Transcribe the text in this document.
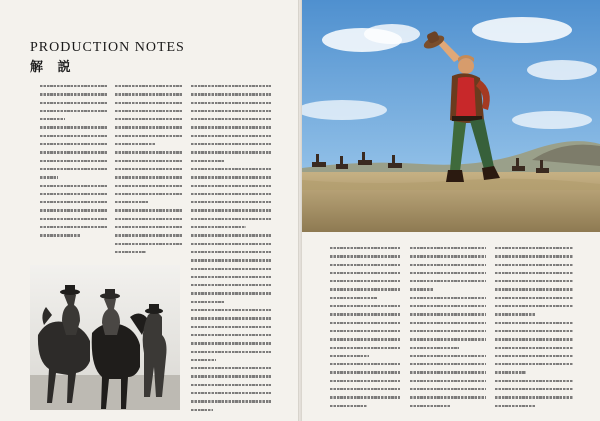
PRODUCTION NOTES
解 説
